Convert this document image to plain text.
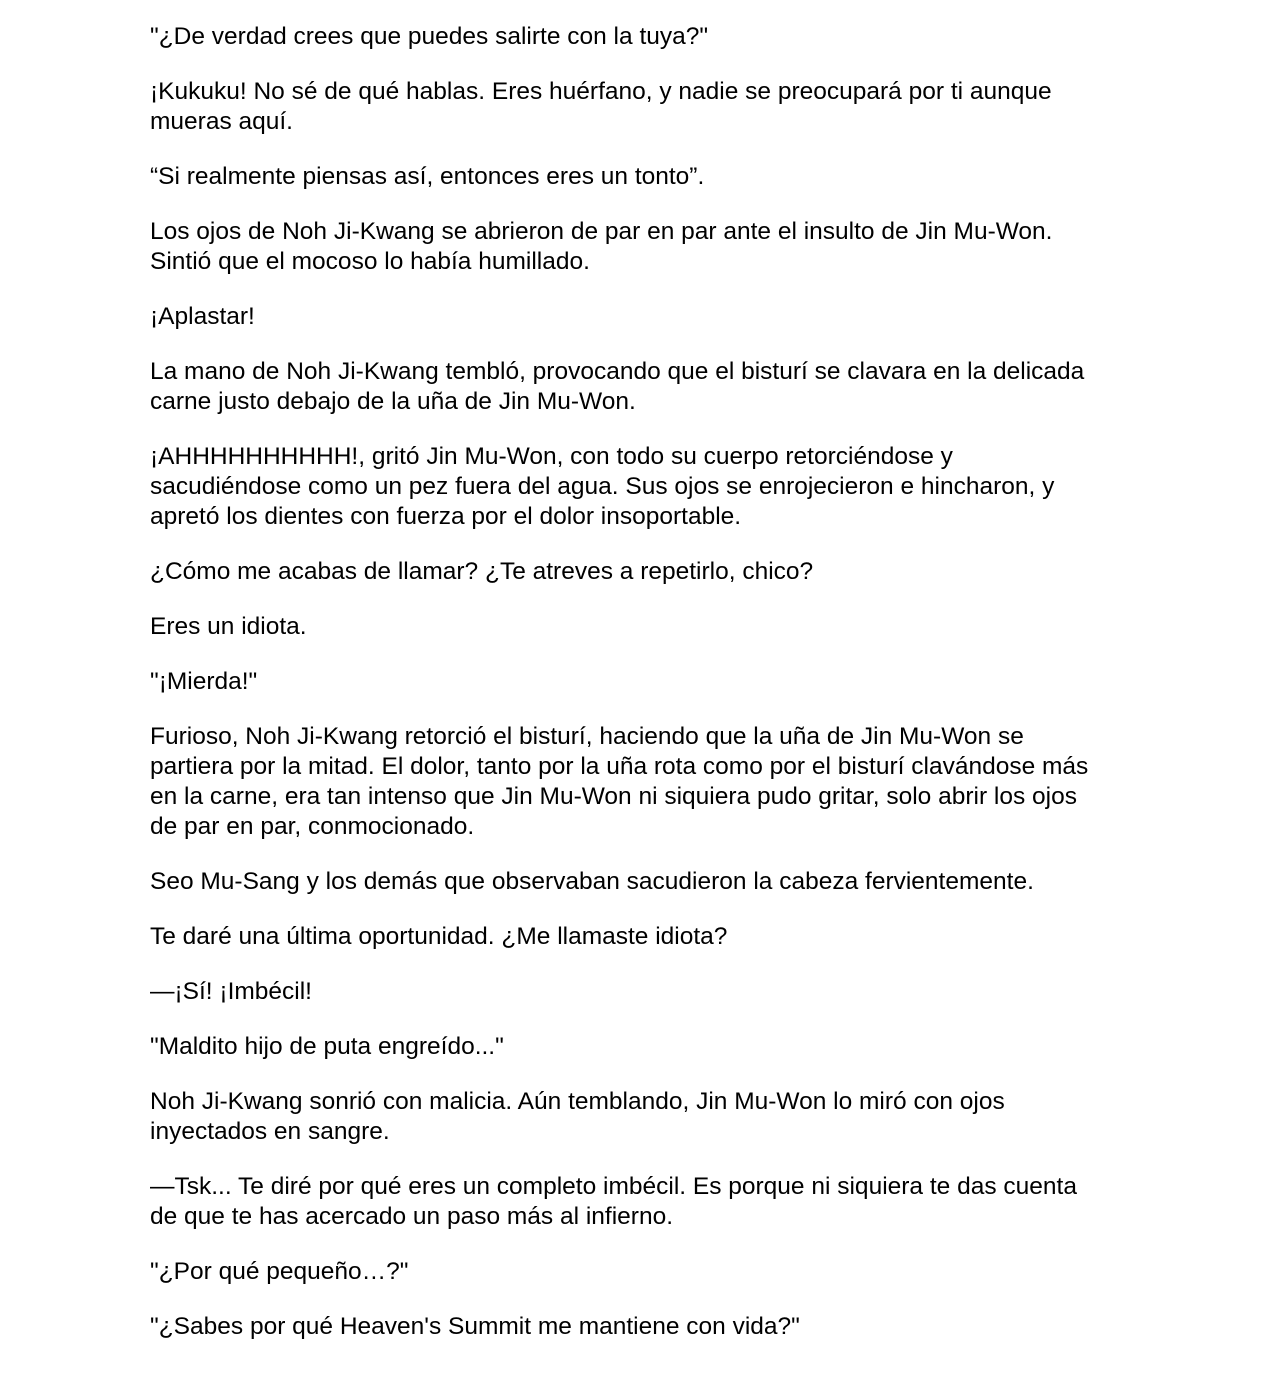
"¿De verdad crees que puedes salirte con la tuya?"

¡Kukuku! No sé de qué hablas. Eres huérfano, y nadie se preocupará por ti aunque
mueras aquí.

“Si realmente piensas así, entonces eres un tonto”.

Los ojos de Noh Ji-Kwang se abrieron de par en par ante el insulto de Jin Mu-Won.
Sintió que el mocoso lo había humillado.

¡Aplastar!

La mano de Noh Ji-Kwang tembló, provocando que el bisturí se clavara en la delicada
carne justo debajo de la uña de Jin Mu-Won.

¡AHHHHHHHHHH!, gritó Jin Mu-Won, con todo su cuerpo retorciéndose y
sacudiéndose como un pez fuera del agua. Sus ojos se enrojecieron e hincharon, y
apretó los dientes con fuerza por el dolor insoportable.

¿Cómo me acabas de llamar? ¿Te atreves a repetirlo, chico?

Eres un idiota.

"¡Mierda!"

Furioso, Noh Ji-Kwang retorció el bisturí, haciendo que la uña de Jin Mu-Won se
partiera por la mitad. El dolor, tanto por la uña rota como por el bisturí clavándose más
en la carne, era tan intenso que Jin Mu-Won ni siquiera pudo gritar, solo abrir los ojos
de par en par, conmocionado.

Seo Mu-Sang y los demás que observaban sacudieron la cabeza fervientemente.

Te daré una última oportunidad. ¿Me llamaste idiota?

—¡Sí! ¡Imbécil!

"Maldito hijo de puta engreído..."

Noh Ji-Kwang sonrió con malicia. Aún temblando, Jin Mu-Won lo miró con ojos
inyectados en sangre.

—Tsk... Te diré por qué eres un completo imbécil. Es porque ni siquiera te das cuenta
de que te has acercado un paso más al infierno.

"¿Por qué pequeño…?"

"¿Sabes por qué Heaven's Summit me mantiene con vida?"
